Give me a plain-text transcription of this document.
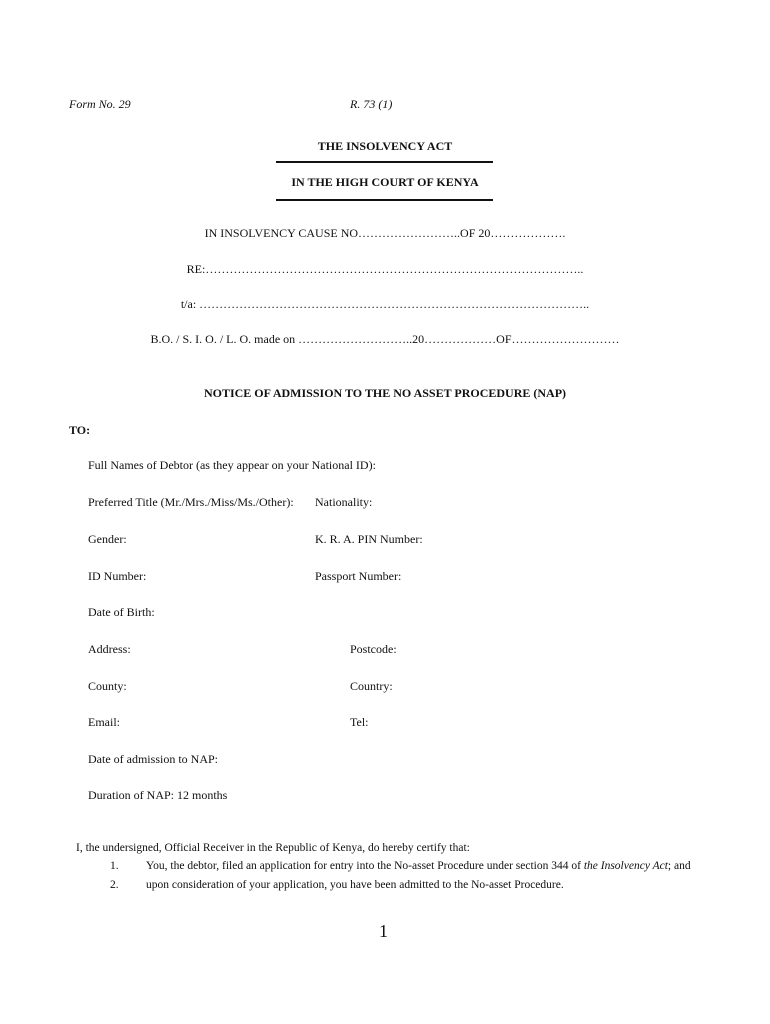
Form No. 29	R. 73 (1)
THE INSOLVENCY ACT
IN THE HIGH COURT OF KENYA
IN INSOLVENCY CAUSE NO……………………..OF 20……………….
RE:…………………………………………………………………………………..
t/a: ……………………………………………………………………………………..
B.O. / S. I. O. / L. O. made on ………………………..20………………OF………………………
NOTICE OF ADMISSION TO THE NO ASSET PROCEDURE (NAP)
TO:
Full Names of Debtor (as they appear on your National ID):
Preferred Title (Mr./Mrs./Miss/Ms./Other): Nationality:
Gender:	K. R. A. PIN Number:
ID Number:	Passport Number:
Date of Birth:
Address:	Postcode:
County:	Country:
Email:	Tel:
Date of admission to NAP:
Duration of NAP: 12 months
I, the undersigned, Official Receiver in the Republic of Kenya, do hereby certify that:
1. You, the debtor, filed an application for entry into the No-asset Procedure under section 344 of the Insolvency Act; and
2. upon consideration of your application, you have been admitted to the No-asset Procedure.
1
